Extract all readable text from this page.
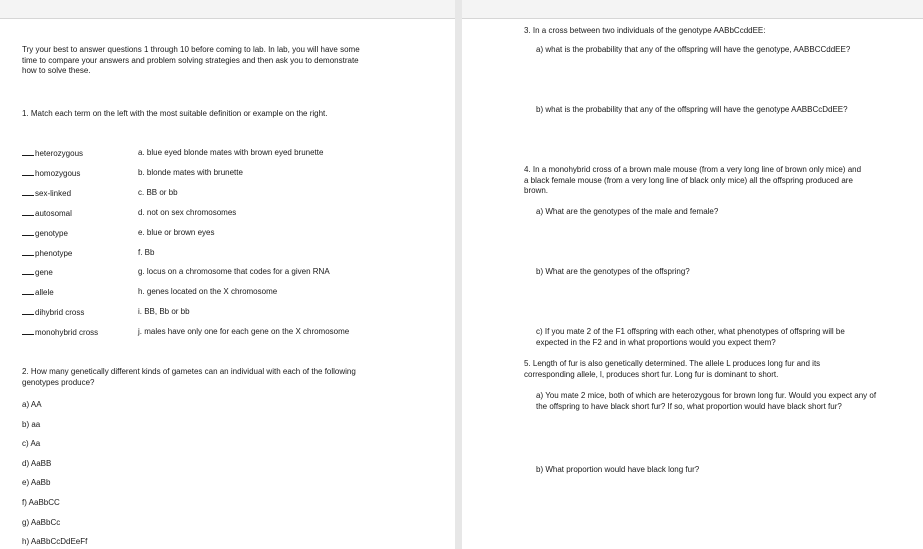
Try your best to answer questions 1 through 10 before coming to lab. In lab, you will have some time to compare your answers and problem solving strategies and then ask you to demonstrate how to solve these.
1. Match each term on the left with the most suitable definition or example on the right.
heterozygous
homozygous
sex-linked
autosomal
genotype
phenotype
gene
allele
dihybrid cross
monohybrid cross
a. blue eyed blonde mates with brown eyed brunette
b. blonde mates with brunette
c. BB or bb
d. not on sex chromosomes
e. blue or brown eyes
f. Bb
g. locus on a chromosome that codes for a given RNA
h. genes located on the X chromosome
i. BB, Bb or bb
j. males have only one for each gene on the X chromosome
2. How many genetically different kinds of gametes can an individual with each of the following genotypes produce?
a) AA
b) aa
c) Aa
d) AaBB
e) AaBb
f) AaBbCC
g) AaBbCc
h) AaBbCcDdEeFf
3. In a cross between two individuals of the genotype AABbCcddEE:
a) what is the probability that any of the offspring will have the genotype, AABBCCddEE?
b) what is the probability that any of the offspring will have the genotype AABBCcDdEE?
4. In a monohybrid cross of a brown male mouse (from a very long line of brown only mice) and a black female mouse (from a very long line of black only mice) all the offspring produced are brown.
a) What are the genotypes of the male and female?
b) What are the genotypes of the offspring?
c) If you mate 2 of the F1 offspring with each other, what phenotypes of offspring will be expected in the F2 and in what proportions would you expect them?
5. Length of fur is also genetically determined. The allele L produces long fur and its corresponding allele, l, produces short fur. Long fur is dominant to short.
a) You mate 2 mice, both of which are heterozygous for brown long fur. Would you expect any of the offspring to have black short fur? If so, what proportion would have black short fur?
b) What proportion would have black long fur?
